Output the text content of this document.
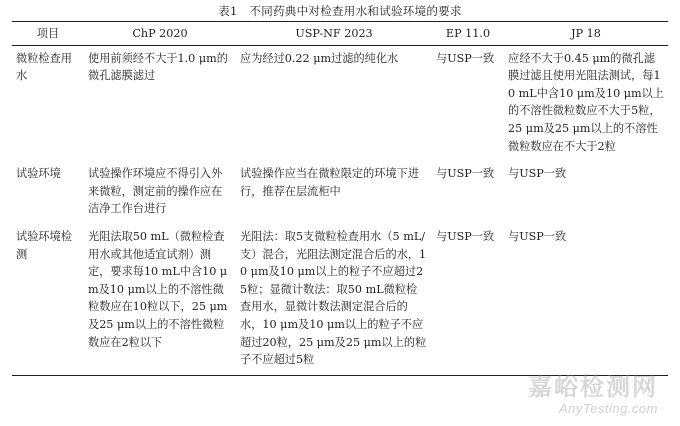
表1　不同药典中对检查用水和试验环境的要求
项目	ChP 2020	USP-NF 2023	EP 11.0	JP 18
微粒检查用水	使用前须经不大于1.0 μm的微孔滤膜滤过	应为经过0.22 μm过滤的纯化水	与USP一致	应经不大于0.45 μm的微孔滤膜过滤且使用光阻法测试，每10 mL中含10 μm及10 μm以上的不溶性微粒数应不大于5粒，25 μm及25 μm以上的不溶性微粒数应在不大于2粒
试验环境	试验操作环境应不得引入外来微粒，测定前的操作应在洁净工作台进行	试验操作应当在微粒限定的环境下进行，推荐在层流柜中	与USP一致	与USP一致
试验环境检测	光阻法取50 mL（微粒检查用水或其他适宜试剂）测定，要求每10 mL中含10 μm及10 μm以上的不溶性微粒数应在10粒以下，25 μm及25 μm以上的不溶性微粒数应在2粒以下	光阻法：取5支微粒检查用水（5 mL/支）混合，光阻法测定混合后的水，10 μm及10 μm以上的粒子不应超过25粒；显微计数法：取50 mL微粒检查用水，显微计数法测定混合后的水，10 μm及10 μm以上的粒子不应超过20粒，25 μm及25 μm以上的粒子不应超过5粒	与USP一致	与USP一致
嘉峪检测网
AnyTesting.com
